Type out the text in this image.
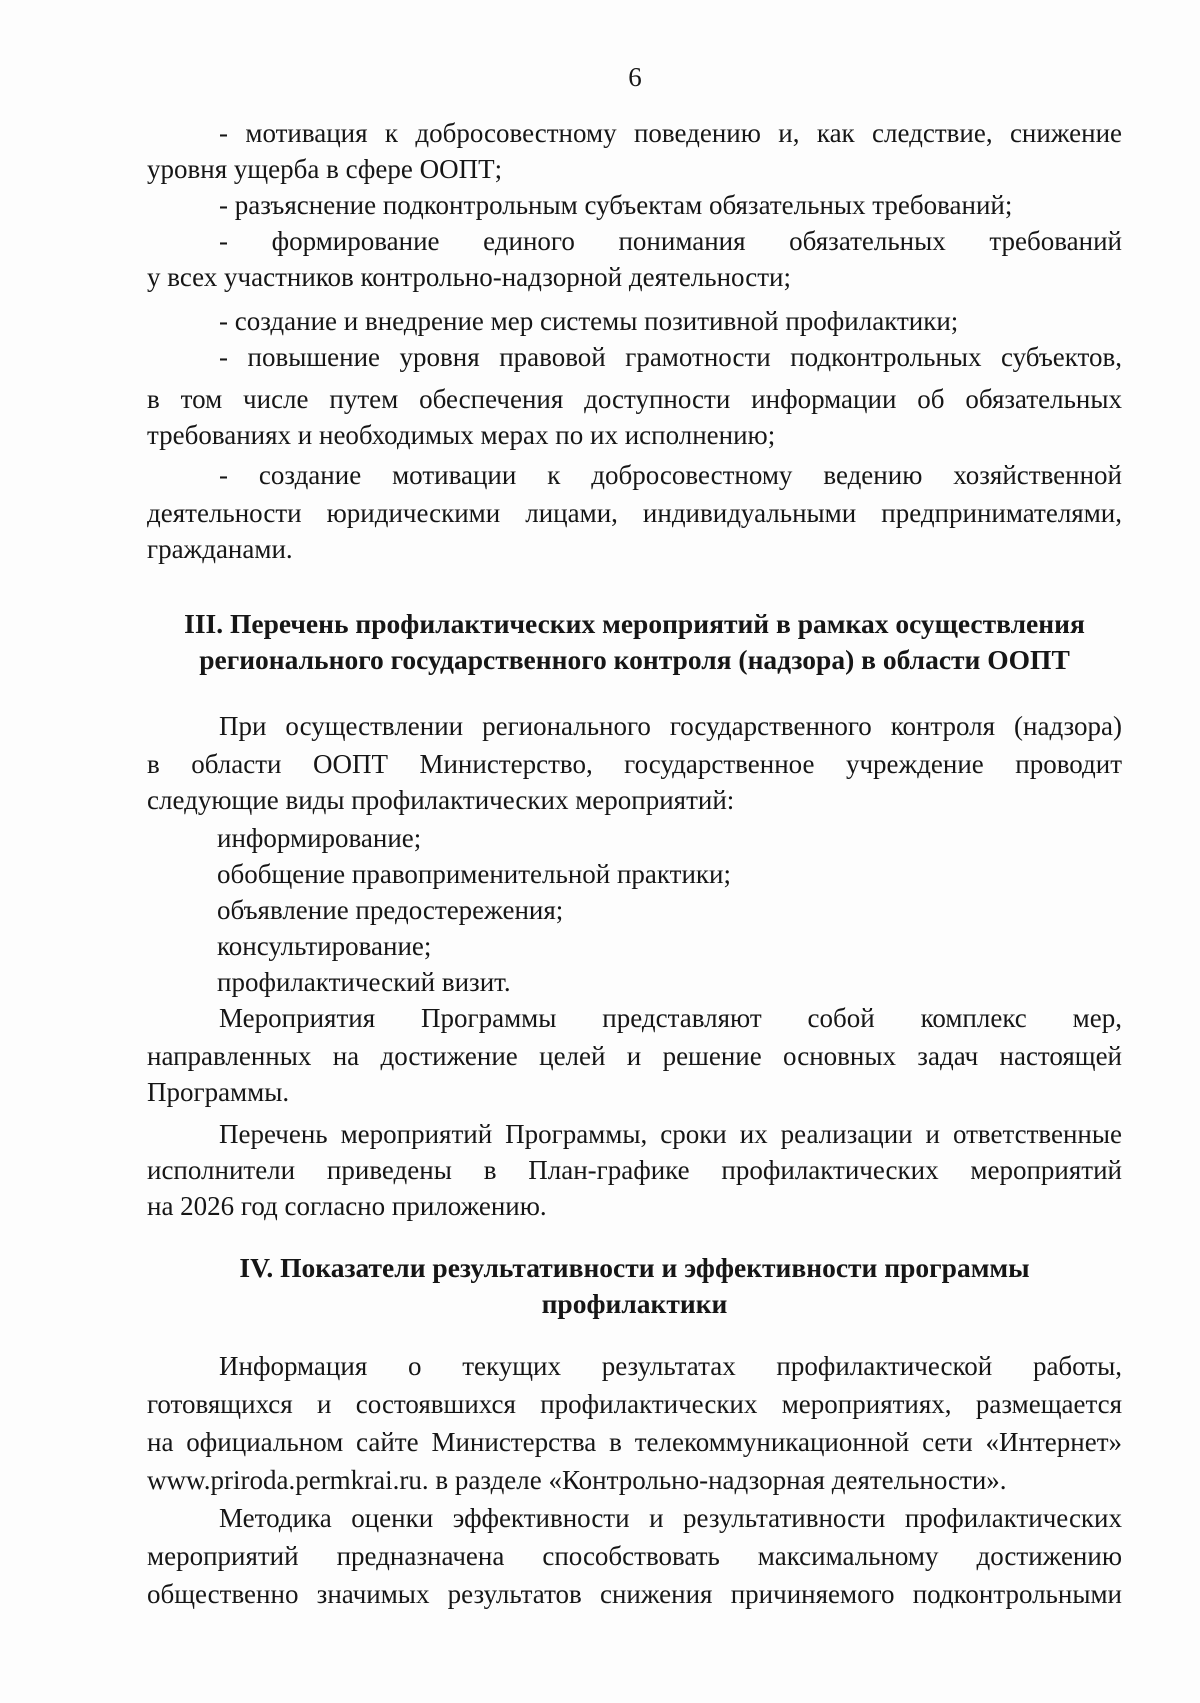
6
- мотивация к добросовестному поведению и, как следствие, снижение
уровня ущерба в сфере ООПТ;
- разъяснение подконтрольным субъектам обязательных требований;
- формирование единого понимания обязательных требований
у всех участников контрольно-надзорной деятельности;
- создание и внедрение мер системы позитивной профилактики;
- повышение уровня правовой грамотности подконтрольных субъектов,
в том числе путем обеспечения доступности информации об обязательных
требованиях и необходимых мерах по их исполнению;
- создание мотивации к добросовестному ведению хозяйственной
деятельности юридическими лицами, индивидуальными предпринимателями,
гражданами.
III. Перечень профилактических мероприятий в рамках осуществления
регионального государственного контроля (надзора) в области ООПТ
При осуществлении регионального государственного контроля (надзора)
в области ООПТ Министерство, государственное учреждение проводит
следующие виды профилактических мероприятий:
информирование;
обобщение правоприменительной практики;
объявление предостережения;
консультирование;
профилактический визит.
Мероприятия Программы представляют собой комплекс мер,
направленных на достижение целей и решение основных задач настоящей
Программы.
Перечень мероприятий Программы, сроки их реализации и ответственные
исполнители приведены в План-графике профилактических мероприятий
на 2026 год согласно приложению.
IV. Показатели результативности и эффективности программы
профилактики
Информация о текущих результатах профилактической работы,
готовящихся и состоявшихся профилактических мероприятиях, размещается
на официальном сайте Министерства в телекоммуникационной сети «Интернет»
www.priroda.permkrai.ru. в разделе «Контрольно-надзорная деятельности».
Методика оценки эффективности и результативности профилактических
мероприятий предназначена способствовать максимальному достижению
общественно значимых результатов снижения причиняемого подконтрольными
